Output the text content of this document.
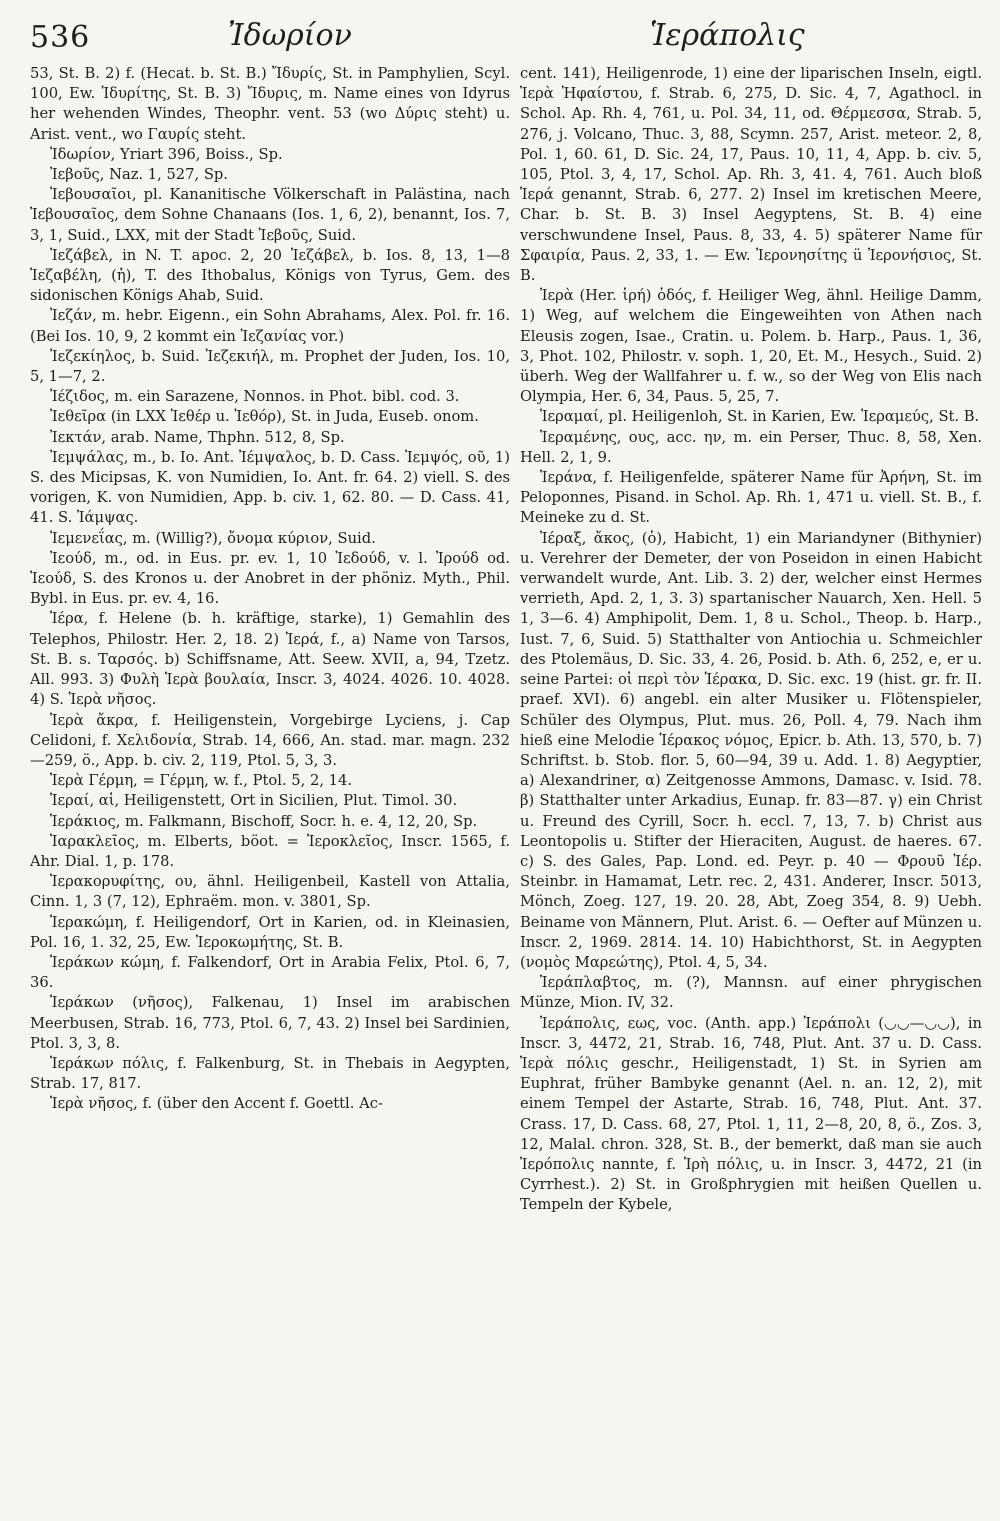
536	Ἰδωρίον	Ἱεράπολις

53, St. B. 2) f. (Hecat. b. St. B.) Ἴδυρίς, St. in Pamphylien, Scyl. 100, Ew. Ἰδυρίτης, St. B. 3) Ἴδυρις, m. Name eines von Idyrus her wehenden Windes, Theophr. vent. 53 (wo Δύρις steht) u. Arist. vent., wo Γαυρίς steht.

Ἰδωρίον, Yriart 396, Boiss., Sp.

Ἰεβοῦς, Naz. 1, 527, Sp.

Ἰεβουσαῖοι, pl. Kananitische Völkerschaft in Palästina, nach Ἰεβουσαῖος, dem Sohne Chanaans (Ios. 1, 6, 2), benannt, Ios. 7, 3, 1, Suid., LXX, mit der Stadt Ἰεβοῦς, Suid.

Ἰεζάβελ, in N. T. apoc. 2, 20 Ἰεζάβελ, b. Ios. 8, 13, 1—8 Ἰεζαβέλη, (ἡ), T. des Ithobalus, Königs von Tyrus, Gem. des sidonischen Königs Ahab, Suid.

Ἰεζάν, m. hebr. Eigenn., ein Sohn Abrahams, Alex. Pol. fr. 16. (Bei Ios. 10, 9, 2 kommt ein Ἰεζανίας vor.)

Ἰεζεκίηλος, b. Suid. Ἰεζεκιήλ, m. Prophet der Juden, Ios. 10, 5, 1—7, 2.

Ἰέζιδος, m. ein Sarazene, Nonnos. in Phot. bibl. cod. 3.

Ἰεθεῖρα (in LXX Ἰεθέρ u. Ἰεθόρ), St. in Juda, Euseb. onom.

Ἰεκτάν, arab. Name, Thphn. 512, 8, Sp.

Ἰεμψάλας, m., b. Io. Ant. Ἰέμψαλος, b. D. Cass. Ἰεμψός, οῦ, 1) S. des Micipsas, K. von Numidien, Io. Ant. fr. 64. 2) viell. S. des vorigen, K. von Numidien, App. b. civ. 1, 62. 80. — D. Cass. 41, 41. S. Ἰάμψας.

Ἰεμενεΐας, m. (Willig?), ὄνομα κύριον, Suid.

Ἰεούδ, m., od. in Eus. pr. ev. 1, 10 Ἰεδούδ, v. l. Ἰρούδ od. Ἰεούδ, S. des Kronos u. der Anobret in der phöniz. Myth., Phil. Bybl. in Eus. pr. ev. 4, 16.

Ἱέρα, f. Helene (b. h. kräftige, starke), 1) Gemahlin des Telephos, Philostr. Her. 2, 18. 2) Ἱερά, f., a) Name von Tarsos, St. B. s. Ταρσός. b) Schiffsname, Att. Seew. XVII, a, 94, Tzetz. All. 993. 3) Φυλὴ Ἱερὰ βουλαία, Inscr. 3, 4024. 4026. 10. 4028. 4) S. Ἱερὰ νῆσος.

Ἱερὰ ἄκρα, f. Heiligenstein, Vorgebirge Lyciens, j. Cap Celidoni, f. Χελιδονία, Strab. 14, 666, An. stad. mar. magn. 232—259, ö., App. b. civ. 2, 119, Ptol. 5, 3, 3.

Ἱερὰ Γέρμη, = Γέρμη, w. f., Ptol. 5, 2, 14.

Ἱεραί, αἱ, Heiligenstett, Ort in Sicilien, Plut. Timol. 30.

Ἱεράκιος, m. Falkmann, Bischoff, Socr. h. e. 4, 12, 20, Sp.

Ἱαρακλεῖος, m. Elberts, böot. = Ἱεροκλεῖος, Inscr. 1565, f. Ahr. Dial. 1, p. 178.

Ἱερακορυφίτης, ου, ähnl. Heiligenbeil, Kastell von Attalia, Cinn. 1, 3 (7, 12), Ephraëm. mon. v. 3801, Sp.

Ἱερακώμη, f. Heiligendorf, Ort in Karien, od. in Kleinasien, Pol. 16, 1. 32, 25, Ew. Ἱεροκωμήτης, St. B.

Ἱεράκων κώμη, f. Falkendorf, Ort in Arabia Felix, Ptol. 6, 7, 36.

Ἱεράκων (νῆσος), Falkenau, 1) Insel im arabischen Meerbusen, Strab. 16, 773, Ptol. 6, 7, 43. 2) Insel bei Sardinien, Ptol. 3, 3, 8.

Ἱεράκων πόλις, f. Falkenburg, St. in Thebais in Aegypten, Strab. 17, 817.

Ἱερὰ νῆσος, f. (über den Accent f. Goettl. Ac-

cent. 141), Heiligenrode, 1) eine der liparischen Inseln, eigtl. Ἱερὰ Ἡφαίστου, f. Strab. 6, 275, D. Sic. 4, 7, Agathocl. in Schol. Ap. Rh. 4, 761, u. Pol. 34, 11, od. Θέρμεσσα, Strab. 5, 276, j. Volcano, Thuc. 3, 88, Scymn. 257, Arist. meteor. 2, 8, Pol. 1, 60. 61, D. Sic. 24, 17, Paus. 10, 11, 4, App. b. civ. 5, 105, Ptol. 3, 4, 17, Schol. Ap. Rh. 3, 41. 4, 761. Auch bloß Ἱερά genannt, Strab. 6, 277. 2) Insel im kretischen Meere, Char. b. St. B. 3) Insel Aegyptens, St. B. 4) eine verschwundene Insel, Paus. 8, 33, 4. 5) späterer Name für Σφαιρία, Paus. 2, 33, 1. — Ew. Ἱερονησίτης ü Ἱερονήσιος, St. B.

Ἱερὰ (Her. ἱρή) ὁδός, f. Heiliger Weg, ähnl. Heilige Damm, 1) Weg, auf welchem die Eingeweihten von Athen nach Eleusis zogen, Isae., Cratin. u. Polem. b. Harp., Paus. 1, 36, 3, Phot. 102, Philostr. v. soph. 1, 20, Et. M., Hesych., Suid. 2) überh. Weg der Wallfahrer u. f. w., so der Weg von Elis nach Olympia, Her. 6, 34, Paus. 5, 25, 7.

Ἱεραμαί, pl. Heiligenloh, St. in Karien, Ew. Ἱεραμεύς, St. B.

Ἱεραμένης, ους, acc. ην, m. ein Perser, Thuc. 8, 58, Xen. Hell. 2, 1, 9.

Ἱεράνα, f. Heiligenfelde, späterer Name für Ἀρήνη, St. im Peloponnes, Pisand. in Schol. Ap. Rh. 1, 471 u. viell. St. B., f. Meineke zu d. St.

Ἱέραξ, ἄκος, (ὁ), Habicht, 1) ein Mariandyner (Bithynier) u. Verehrer der Demeter, der von Poseidon in einen Habicht verwandelt wurde, Ant. Lib. 3. 2) der, welcher einst Hermes verrieth, Apd. 2, 1, 3. 3) spartanischer Nauarch, Xen. Hell. 5 1, 3—6. 4) Amphipolit, Dem. 1, 8 u. Schol., Theop. b. Harp., Iust. 7, 6, Suid. 5) Statthalter von Antiochia u. Schmeichler des Ptolemäus, D. Sic. 33, 4. 26, Posid. b. Ath. 6, 252, e, er u. seine Partei: οἱ περὶ τὸν Ἱέρακα, D. Sic. exc. 19 (hist. gr. fr. II. praef. XVI). 6) angebl. ein alter Musiker u. Flötenspieler, Schüler des Olympus, Plut. mus. 26, Poll. 4, 79. Nach ihm hieß eine Melodie Ἱέρακος νόμος, Epicr. b. Ath. 13, 570, b. 7) Schriftst. b. Stob. flor. 5, 60—94, 39 u. Add. 1. 8) Aegyptier, a) Alexandriner, α) Zeitgenosse Ammons, Damasc. v. Isid. 78. β) Statthalter unter Arkadius, Eunap. fr. 83—87. γ) ein Christ u. Freund des Cyrill, Socr. h. eccl. 7, 13, 7. b) Christ aus Leontopolis u. Stifter der Hieraciten, August. de haeres. 67. c) S. des Gales, Pap. Lond. ed. Peyr. p. 40 — Φρουῦ Ἱέρ. Steinbr. in Hamamat, Letr. rec. 2, 431. Anderer, Inscr. 5013, Mönch, Zoeg. 127, 19. 20. 28, Abt, Zoeg 354, 8. 9) Uebh. Beiname von Männern, Plut. Arist. 6. — Oefter auf Münzen u. Inscr. 2, 1969. 2814. 14. 10) Habichthorst, St. in Aegypten (νομὸς Μαρεώτης), Ptol. 4, 5, 34.

Ἱεράπλαβτος, m. (?), Mannsn. auf einer phrygischen Münze, Mion. IV, 32.

Ἱεράπολις, εως, voc. (Anth. app.) Ἱεράπολι (◡◡—◡◡), in Inscr. 3, 4472, 21, Strab. 16, 748, Plut. Ant. 37 u. D. Cass. Ἱερὰ πόλις geschr., Heiligenstadt, 1) St. in Syrien am Euphrat, früher Bambyke genannt (Ael. n. an. 12, 2), mit einem Tempel der Astarte, Strab. 16, 748, Plut. Ant. 37. Crass. 17, D. Cass. 68, 27, Ptol. 1, 11, 2—8, 20, 8, ö., Zos. 3, 12, Malal. chron. 328, St. B., der bemerkt, daß man sie auch Ἱερόπολις nannte, f. Ἱρὴ πόλις, u. in Inscr. 3, 4472, 21 (in Cyrrhest.). 2) St. in Großphrygien mit heißen Quellen u. Tempeln der Kybele,
